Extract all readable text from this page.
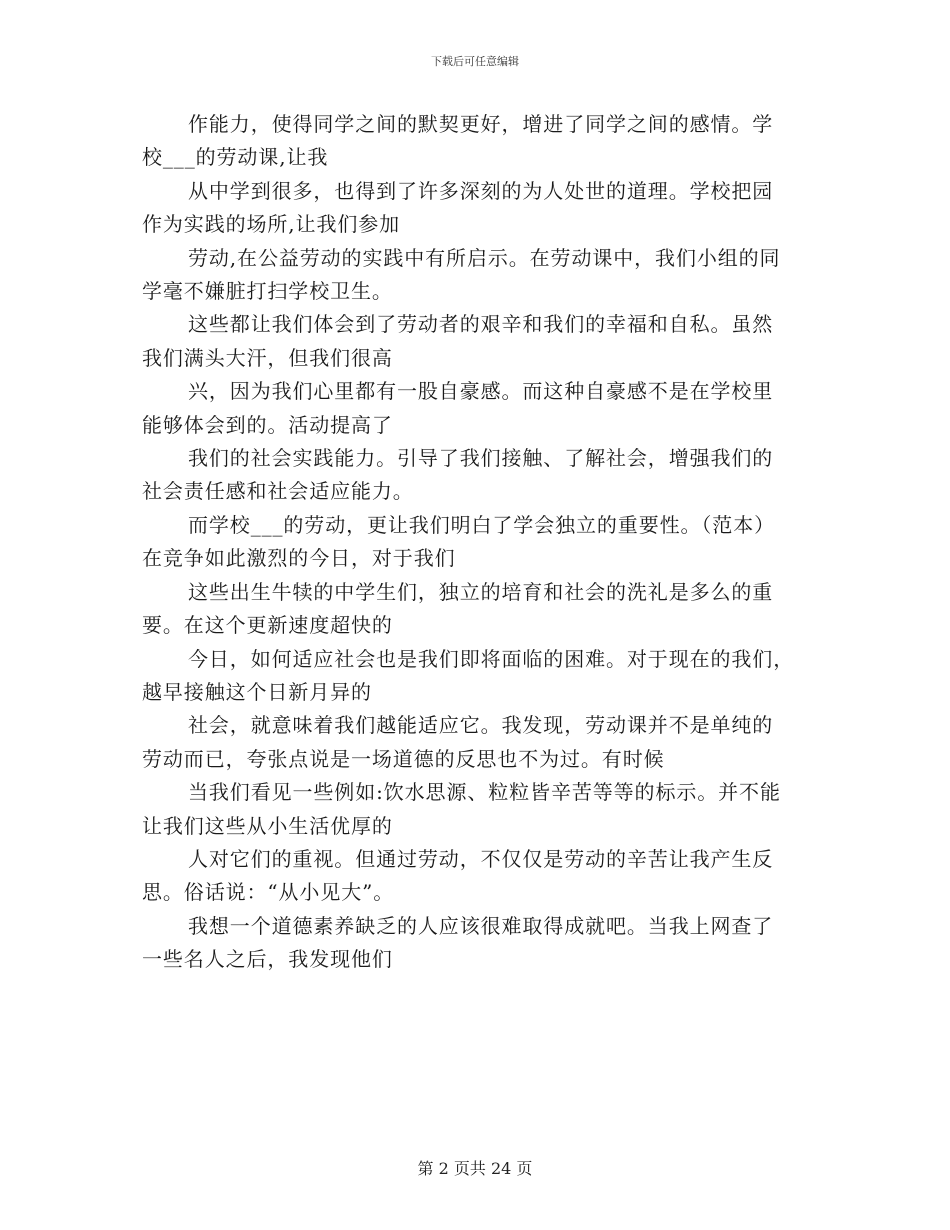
下载后可任意编辑

作能力，使得同学之间的默契更好，增进了同学之间的感情。学
校___的劳动课,让我

从中学到很多，也得到了许多深刻的为人处世的道理。学校把园
作为实践的场所,让我们参加

劳动,在公益劳动的实践中有所启示。在劳动课中，我们小组的同
学毫不嫌脏打扫学校卫生。

这些都让我们体会到了劳动者的艰辛和我们的幸福和自私。虽然
我们满头大汗，但我们很高

兴，因为我们心里都有一股自豪感。而这种自豪感不是在学校里
能够体会到的。活动提高了

我们的社会实践能力。引导了我们接触、了解社会，增强我们的
社会责任感和社会适应能力。

而学校___的劳动，更让我们明白了学会独立的重要性。（范本）
在竞争如此激烈的今日，对于我们

这些出生牛犊的中学生们，独立的培育和社会的洗礼是多么的重
要。在这个更新速度超快的

今日，如何适应社会也是我们即将面临的困难。对于现在的我们，
越早接触这个日新月异的

社会，就意味着我们越能适应它。我发现，劳动课并不是单纯的
劳动而已，夸张点说是一场道德的反思也不为过。有时候

当我们看见一些例如:饮水思源、粒粒皆辛苦等等的标示。并不能
让我们这些从小生活优厚的

人对它们的重视。但通过劳动，不仅仅是劳动的辛苦让我产生反
思。俗话说：“从小见大”。

我想一个道德素养缺乏的人应该很难取得成就吧。当我上网查了
一些名人之后，我发现他们

第 2 页共 24 页
